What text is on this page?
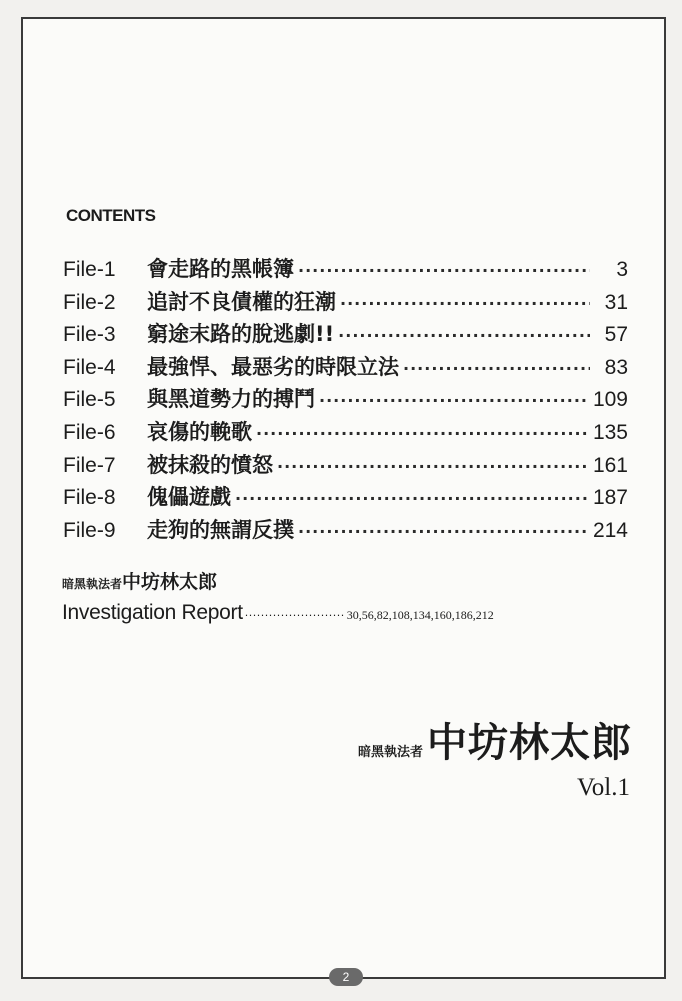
CONTENTS
File-1	會走路的黑帳簿 ·····	3
File-2	追討不良債權的狂潮 ·····	31
File-3	窮途末路的脫逃劇!! ·····	57
File-4	最強悍、最惡劣的時限立法 ·····	83
File-5	與黑道勢力的搏鬥 ·····	109
File-6	哀傷的輓歌 ·····	135
File-7	被抹殺的憤怒 ·····	161
File-8	傀儡遊戲 ·····	187
File-9	走狗的無謂反撲 ·····	214
暗黑執法者中坊林太郎
Investigation Report ·····	30,56,82,108,134,160,186,212
暗黑執法者 中坊林太郎
Vol.1
2
